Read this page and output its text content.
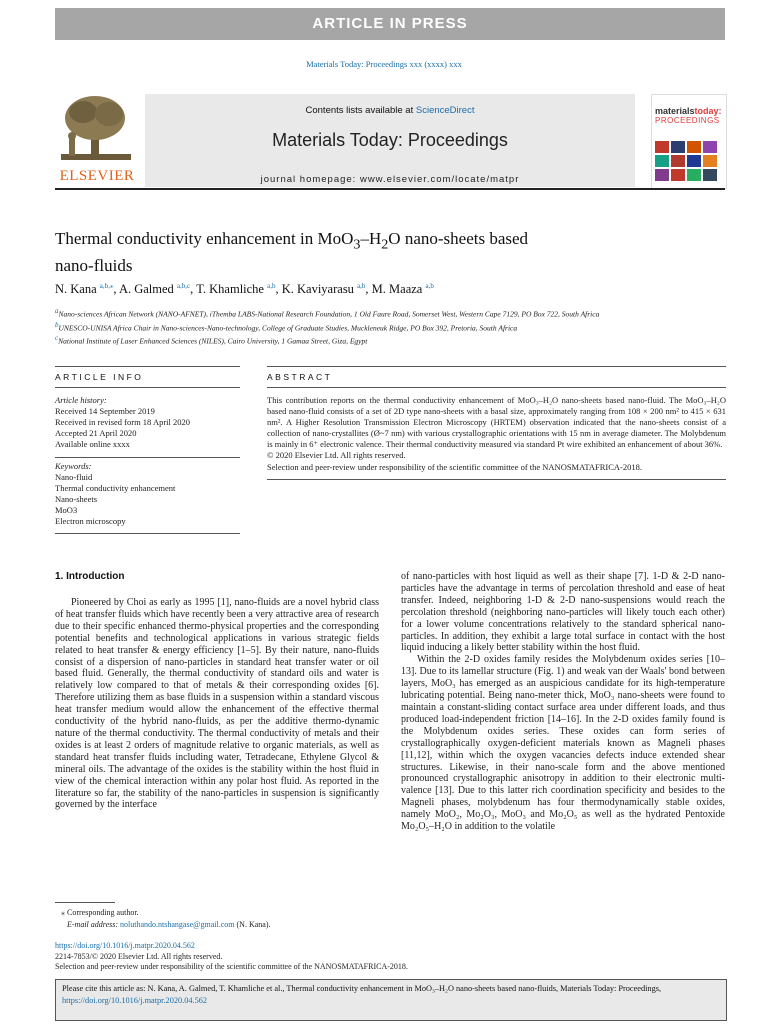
ARTICLE IN PRESS
Materials Today: Proceedings xxx (xxxx) xxx
ELSEVIER
Contents lists available at ScienceDirect
Materials Today: Proceedings
journal homepage: www.elsevier.com/locate/matpr
materialstoday:
PROCEEDINGS
Thermal conductivity enhancement in $MoO_3-H_2O$ nano-sheets based
nano-fluids
N. Kana $^{a,b,⁎}$, A. Galmed $^{a,b,c}$, T. Khamliche $^{a,b}$, K. Kaviyarasu $^{a,b}$, M. Maaza $^{a,b}$
$^a$Nano-sciences African Network (NANO-AFNET), iThemba LABS-National Research Foundation, 1 Old Faure Road, Somerset West, Western Cape 7129, PO Box 722, South Africa
$^b$UNESCO-UNISA Africa Chair in Nano-sciences-Nano-technology, College of Graduate Studies, Muckleneuk Ridge, PO Box 392, Pretoria, South Africa
$^c$National Institute of Laser Enhanced Sciences (NILES), Cairo University, 1 Gamaa Street, Giza, Egypt
ARTICLE INFO	ABSTRACT
Article history:
Received 14 September 2019
Received in revised form 18 April 2020
Accepted 21 April 2020
Available online xxxx
Keywords:
Nano-fluid
Thermal conductivity enhancement
Nano-sheets
MoO3
Electron microscopy

This contribution reports on the thermal conductivity enhancement of MoO₃–H₂O nano-sheets based nano-fluid. The MoO₃–H₂O based nano-fluid consists of a set of 2D type nano-sheets with a basal size, approximately ranging from 108 × 200 nm² to 415 × 631 nm². A Higher Resolution Transmission Electron Microscopy (HRTEM) observation indicated that the nano-sheets consist of a collection of nano-crystallites (Ø~7 nm) with various crystallographic orientations with 15 nm in average diameter. The Molybdenum is mainly in 6⁺ electronic valence. Their thermal conductivity measured via standard Pt wire exhibited an enhancement of about 36%.

© 2020 Elsevier Ltd. All rights reserved.

Selection and peer-review under responsibility of the scientific committee of the NANOSMATAFRICA-2018.

1. Introduction

Pioneered by Choi as early as 1995 [1], nano-fluids are a novel hybrid class of heat transfer fluids which have recently been a very attractive area of research due to their specific enhanced thermo-physical properties and the corresponding potential benefits and technological applications in various strategic fields related to heat transfer & energy efficiency [1–5]. By their nature, nano-fluids consist of a dispersion of nano-particles in standard heat transfer water or oil based fluid. Generally, the thermal conductivity of standard oils and water is relatively low compared to that of metals & their corresponding oxides [6]. Therefore utilizing them as base fluids in a suspension within a standard viscous heat transfer medium would allow the enhancement of the effective thermal conductivity of the hybrid nano-fluids, as per the additive thermo-dynamic nature of the thermal conductivity. The thermal conductivity of metals and their oxides is at least 2 orders of magnitude relative to organic materials, as well as standard heat transfer fluids including water, Tetradecane, Ethylene Glycol & mineral oils. The advantage of the oxides is the stability within the host fluid in view of the chemical interaction within any polar host fluid. As reported in the literature so far, the stability of the nano-particles in suspension is significantly governed by the interface

of nano-particles with host liquid as well as their shape [7]. 1-D & 2-D nano-particles have the advantage in terms of percolation threshold and ease of heat transfer. Indeed, neighboring 1-D & 2-D nano-suspensions would reach the percolation threshold (neighboring nano-particles will likely touch each other) for a lower volume concentrations relatively to the standard spherical nano-particles. In addition, they exhibit a large total surface in contact with the host liquid inducing a likely better stability within the host fluid.

Within the 2-D oxides family resides the Molybdenum oxides series [10–13]. Due to its lamellar structure (Fig. 1) and weak van der Waals' bond between layers, MoO₃ has emerged as an auspicious candidate for its high-temperature lubricating potential. Being nano-meter thick, MoO₃ nano-sheets were found to maintain a constant-sliding contact surface area under different loads, and thus produced load-independent friction [14–16]. In the 2-D oxides family found is the Molybdenum oxides series. These oxides can form series of crystallographically oxygen-deficient materials known as Magneli phases [11,12], within which the oxygen vacancies defects induce extended shear structures. Likewise, in their nano-scale form and the above mentioned pronounced crystallographic anisotropy in addition to their electronic multi-valence [13]. Due to this latter rich coordination specificity and besides to the Magneli phases, molybdenum has four thermodynamically stable oxides, namely MoO₂, Mo₂O₃, MoO₃ and Mo₂O₅ as well as the hydrated Pentoxide Mo₂O₅–H₂O in addition to the volatile

⁎ Corresponding author.
E-mail address: noluthando.ntshangase@gmail.com (N. Kana).
https://doi.org/10.1016/j.matpr.2020.04.562
2214-7853/© 2020 Elsevier Ltd. All rights reserved.
Selection and peer-review under responsibility of the scientific committee of the NANOSMATAFRICA-2018.
Please cite this article as: N. Kana, A. Galmed, T. Khamliche et al., Thermal conductivity enhancement in MoO₃–H₂O nano-sheets based nano-fluids, Materials Today: Proceedings, https://doi.org/10.1016/j.matpr.2020.04.562
